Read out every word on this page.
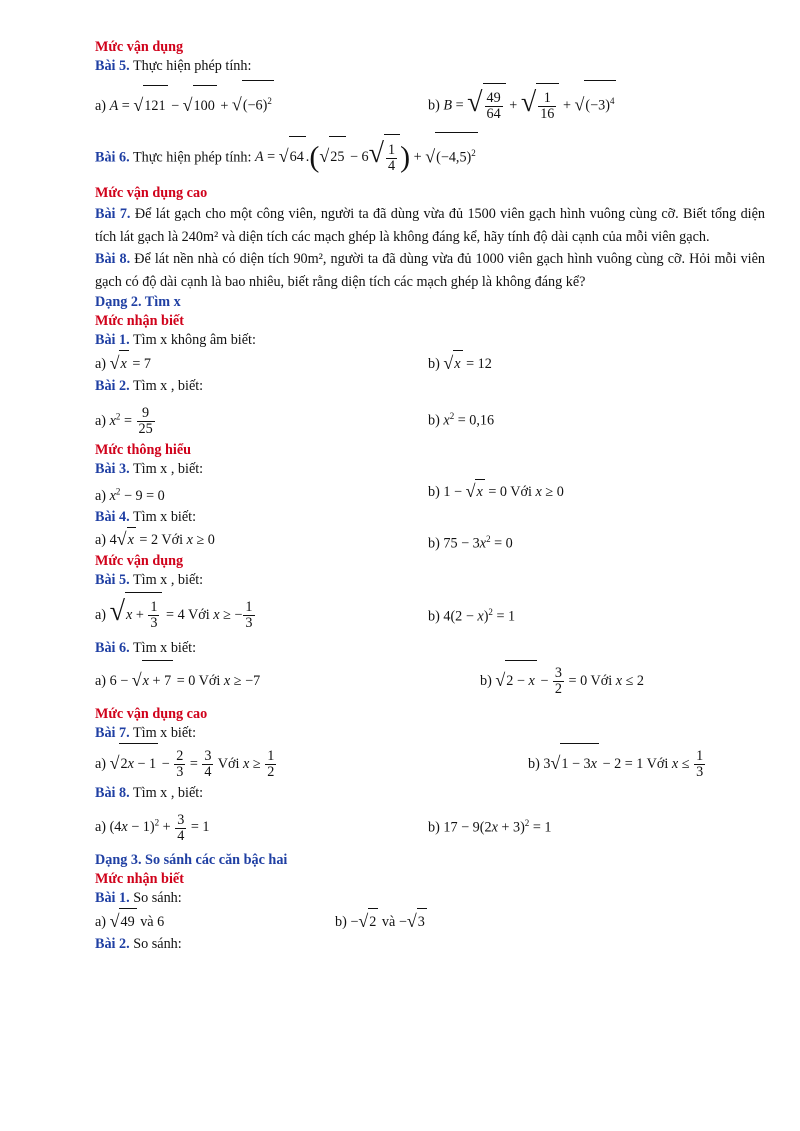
Mức vận dụng
Bài 5. Thực hiện phép tính:
a) $A = √121 - √100 + √(-6)^2$	b) B = √ $\frac{49}{64}$ + √ $\frac{1}{16} + √(-3)^4$
Bài 6. Thực hiện phép tính: A = √64 $.(√25 - 6√ \frac{1}{4}$ ) + $√(-4,5)^2$
Mức vận dụng cao
Bài 7. Để lát gạch cho một công viên, người ta đã dùng vừa đủ 1500 viên gạch hình vuông cùng cỡ. Biết tổng diện tích lát gạch là 240m² và diện tích các mạch ghép là không đáng kể, hãy tính độ dài cạnh của mỗi viên gạch.
Bài 8. Để lát nền nhà có diện tích 90m², người ta đã dùng vừa đủ 1000 viên gạch hình vuông cùng cỡ. Hỏi mỗi viên gạch có độ dài cạnh là bao nhiêu, biết rằng diện tích các mạch ghép là không đáng kể?
Dạng 2. Tìm x
Mức nhận biết
Bài 1. Tìm x không âm biết:
a) √x = 7	b) √x = 12
Bài 2. Tìm x , biết:
a) $x^2 = \frac{9}{25}$	b) $x^2 = 0,16$
Mức thông hiểu
Bài 3. Tìm x , biết:
a) $x^2 - 9 = 0$	b) 1 − √x = 0 Với x ≥ 0
Bài 4. Tìm x biết:
a) 4√x = 2 Với x ≥ 0	b) $75 - 3x^2 = 0$
Mức vận dụng
Bài 5. Tìm x , biết:
a) $√x + \frac{1}{3} = 4$ Với x ≥ − $\frac{1}{3}$	b) $4(2 - x)^2 = 1$
Bài 6. Tìm x biết:
a) 6 − √x + 7 = 0 Với x ≥ −7	b) $√2 - x - \frac{3}{2} = 0$ Với x ≤ 2
Mức vận dụng cao
Bài 7. Tìm x biết:
a) $√2x - 1 - \frac{2}{3} = \frac{3}{4}$ Với $x \ge \frac{1}{2}$	b) 3√1 − 3x − 2 = 1 Với $x \le \frac{1}{3}$
Bài 8. Tìm x , biết:
a) $(4x - 1)^2 + \frac{3}{4} = 1$	b) $17 - 9(2x + 3)^2 = 1$
Dạng 3. So sánh các căn bậc hai
Mức nhận biết
Bài 1. So sánh:
a) √49 và 6	b) −√2 và −√3
Bài 2. So sánh:
